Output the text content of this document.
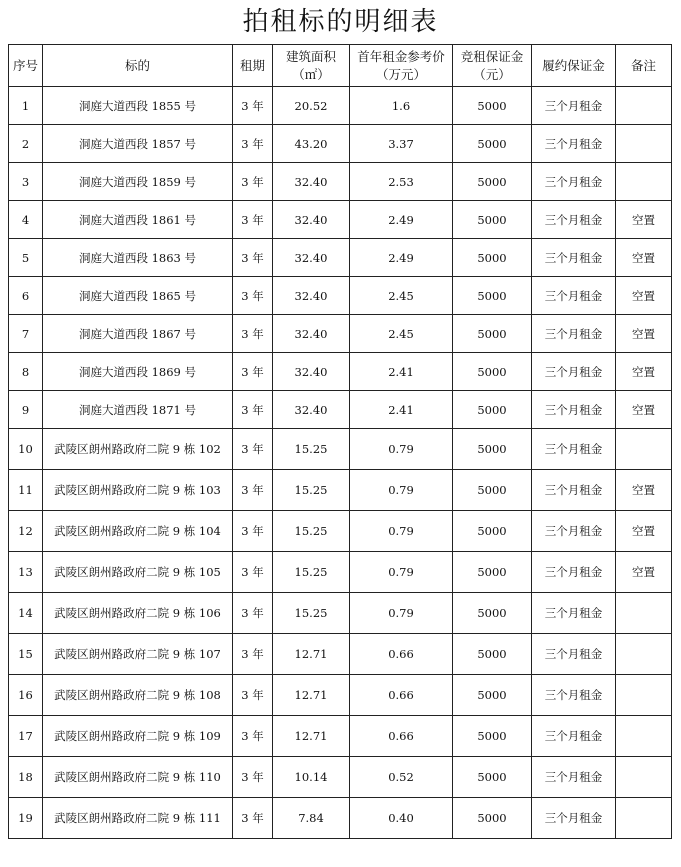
拍租标的明细表
序号	标的	租期	建筑面积（㎡）	首年租金参考价（万元）	竞租保证金（元）	履约保证金	备注
1	洞庭大道西段 1855 号	3 年	20.52	1.6	5000	三个月租金	
2	洞庭大道西段 1857 号	3 年	43.20	3.37	5000	三个月租金	
3	洞庭大道西段 1859 号	3 年	32.40	2.53	5000	三个月租金	
4	洞庭大道西段 1861 号	3 年	32.40	2.49	5000	三个月租金	空置
5	洞庭大道西段 1863 号	3 年	32.40	2.49	5000	三个月租金	空置
6	洞庭大道西段 1865 号	3 年	32.40	2.45	5000	三个月租金	空置
7	洞庭大道西段 1867 号	3 年	32.40	2.45	5000	三个月租金	空置
8	洞庭大道西段 1869 号	3 年	32.40	2.41	5000	三个月租金	空置
9	洞庭大道西段 1871 号	3 年	32.40	2.41	5000	三个月租金	空置
10	武陵区朗州路政府二院 9 栋 102	3 年	15.25	0.79	5000	三个月租金	
11	武陵区朗州路政府二院 9 栋 103	3 年	15.25	0.79	5000	三个月租金	空置
12	武陵区朗州路政府二院 9 栋 104	3 年	15.25	0.79	5000	三个月租金	空置
13	武陵区朗州路政府二院 9 栋 105	3 年	15.25	0.79	5000	三个月租金	空置
14	武陵区朗州路政府二院 9 栋 106	3 年	15.25	0.79	5000	三个月租金	
15	武陵区朗州路政府二院 9 栋 107	3 年	12.71	0.66	5000	三个月租金	
16	武陵区朗州路政府二院 9 栋 108	3 年	12.71	0.66	5000	三个月租金	
17	武陵区朗州路政府二院 9 栋 109	3 年	12.71	0.66	5000	三个月租金	
18	武陵区朗州路政府二院 9 栋 110	3 年	10.14	0.52	5000	三个月租金	
19	武陵区朗州路政府二院 9 栋 111	3 年	7.84	0.40	5000	三个月租金	
